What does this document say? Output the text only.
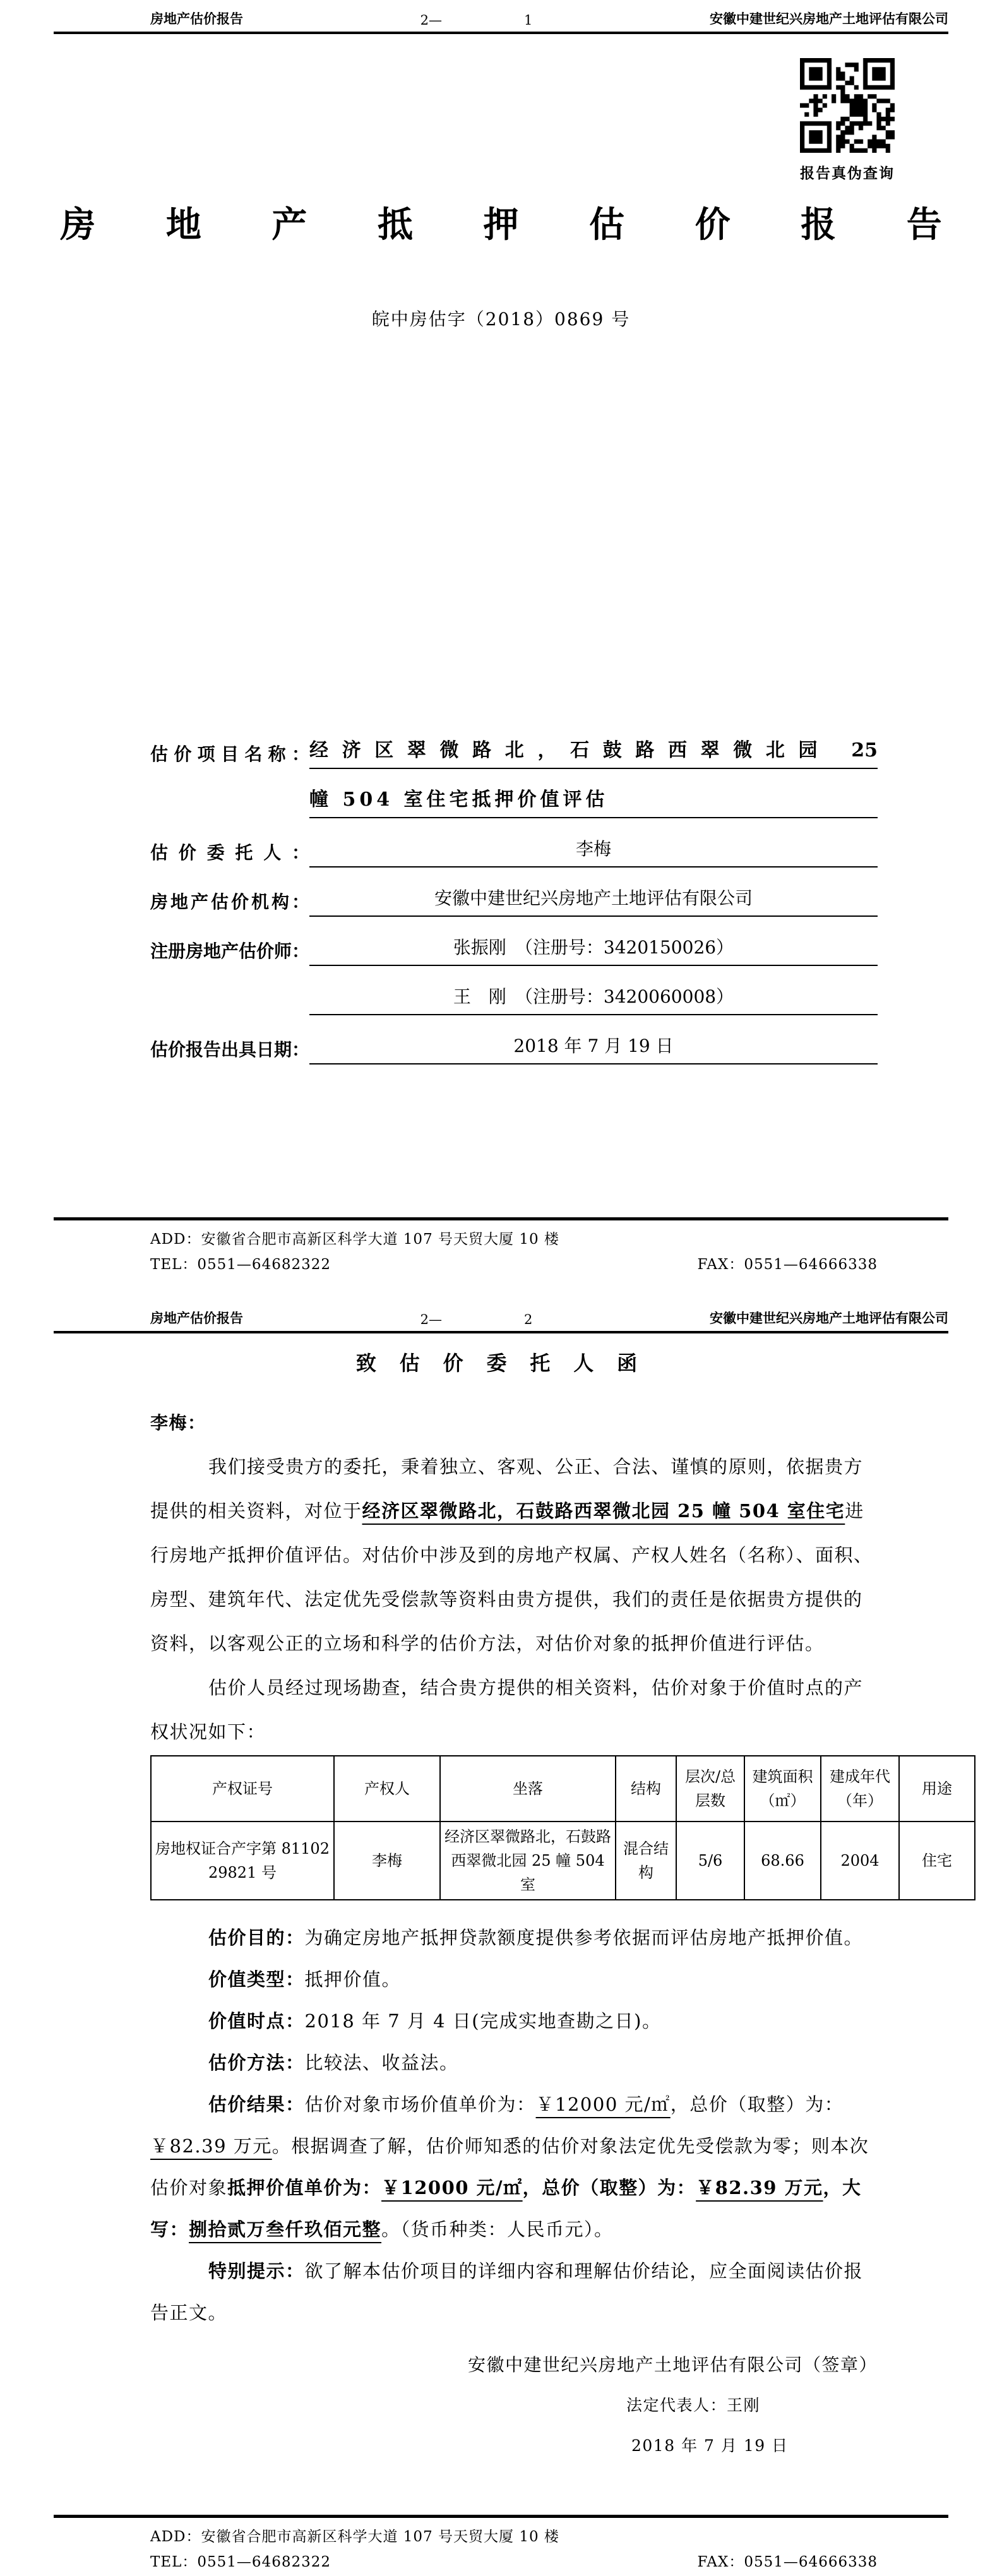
房地产估价报告	2—	1	安徽中建世纪兴房地产土地评估有限公司
报告真伪查询
房 地 产 抵 押 估 价 报 告
皖中房估字（2018）0869 号
估价项目名称： 经济区翠微路北，石鼓路西翠微北园 25
幢 504 室住宅抵押价值评估
估价委托人：	李梅
房地产估价机构：	安徽中建世纪兴房地产土地评估有限公司
注册房地产估价师：	张振刚　（注册号：3420150026）
王　刚　（注册号：3420060008）
估价报告出具日期：	2018 年 7 月 19 日
ADD：安徽省合肥市高新区科学大道 107 号天贸大厦 10 楼
TEL：0551—64682322	FAX：0551—64666338
房地产估价报告	2—	2	安徽中建世纪兴房地产土地评估有限公司
致 估 价 委 托 人 函
李梅：

我们接受贵方的委托，秉着独立、客观、公正、合法、谨慎的原则，依据贵方提供的相关资料，对位于经济区翠微路北，石鼓路西翠微北园 25 幢 504 室住宅进行房地产抵押价值评估。对估价中涉及到的房地产权属、产权人姓名（名称）、面积、房型、建筑年代、法定优先受偿款等资料由贵方提供，我们的责任是依据贵方提供的资料，以客观公正的立场和科学的估价方法，对估价对象的抵押价值进行评估。

估价人员经过现场勘查，结合贵方提供的相关资料，估价对象于价值时点的产权状况如下：

产权证号	产权人	坐落	结构	层次/总层数	建筑面积（㎡）	建成年代（年）	用途
房地权证合产字第 8110229821 号	李梅	经济区翠微路北，石鼓路西翠微北园 25 幢 504 室	混合结构	5/6	68.66	2004	住宅

估价目的：为确定房地产抵押贷款额度提供参考依据而评估房地产抵押价值。

价值类型：抵押价值。

价值时点：2018 年 7 月 4 日(完成实地查勘之日)。

估价方法：比较法、收益法。

估价结果：估价对象市场价值单价为：￥12000 元/㎡，总价（取整）为：￥82.39 万元。根据调查了解，估价师知悉的估价对象法定优先受偿款为零；则本次估价对象抵押价值单价为：￥12000 元/㎡，总价（取整）为：￥82.39 万元，大写：捌拾贰万叁仟玖佰元整。（货币种类：人民币元）。

特别提示：欲了解本估价项目的详细内容和理解估价结论，应全面阅读估价报告正文。

安徽中建世纪兴房地产土地评估有限公司（签章）
法定代表人：王刚
2018 年 7 月 19 日
ADD：安徽省合肥市高新区科学大道 107 号天贸大厦 10 楼
TEL：0551—64682322	FAX：0551—64666338
